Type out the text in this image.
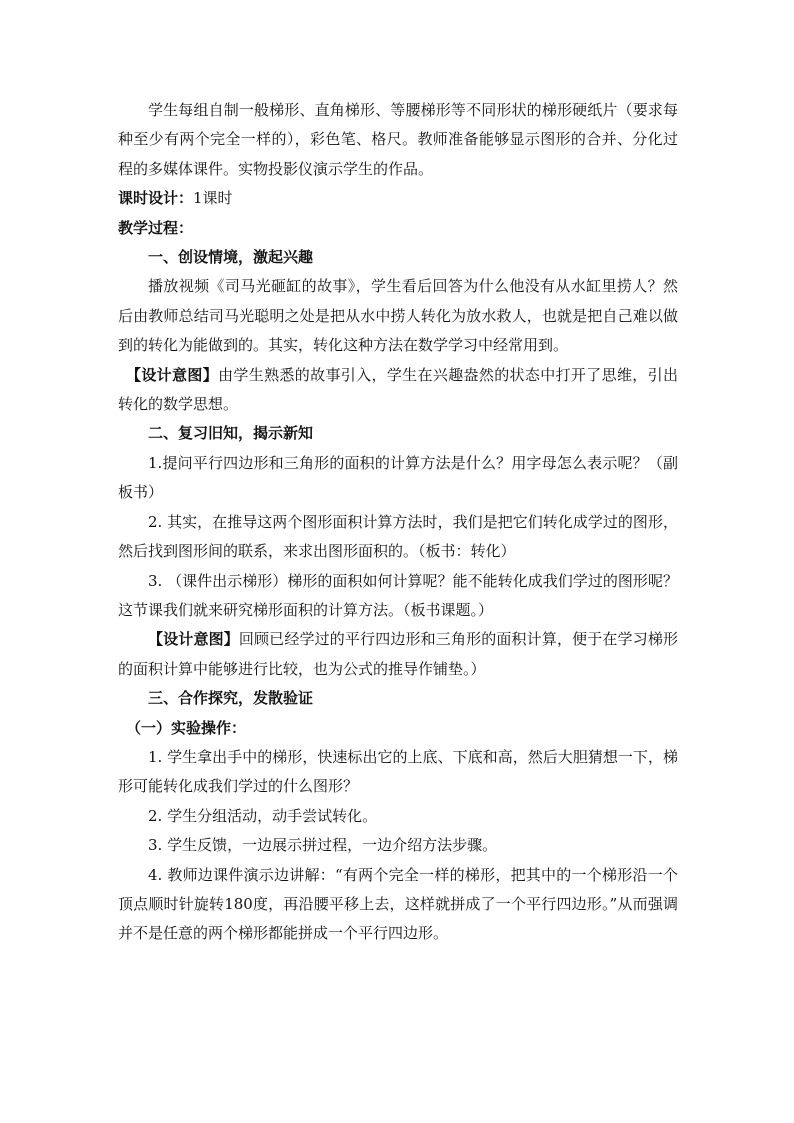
学生每组自制一般梯形、直角梯形、等腰梯形等不同形状的梯形硬纸片（要求每种至少有两个完全一样的），彩色笔、格尺。教师准备能够显示图形的合并、分化过程的多媒体课件。实物投影仪演示学生的作品。

课时设计：1课时

教学过程：

一、创设情境，激起兴趣

播放视频《司马光砸缸的故事》，学生看后回答为什么他没有从水缸里捞人？然后由教师总结司马光聪明之处是把从水中捞人转化为放水救人，也就是把自己难以做到的转化为能做到的。其实，转化这种方法在数学学习中经常用到。

【设计意图】由学生熟悉的故事引入，学生在兴趣盎然的状态中打开了思维，引出转化的数学思想。

二、复习旧知，揭示新知

1.提问平行四边形和三角形的面积的计算方法是什么？用字母怎么表示呢？（副板书）

2. 其实，在推导这两个图形面积计算方法时，我们是把它们转化成学过的图形，然后找到图形间的联系，来求出图形面积的。（板书：转化）

3. （课件出示梯形）梯形的面积如何计算呢？能不能转化成我们学过的图形呢？这节课我们就来研究梯形面积的计算方法。（板书课题。）

【设计意图】回顾已经学过的平行四边形和三角形的面积计算，便于在学习梯形的面积计算中能够进行比较，也为公式的推导作铺垫。）

三、合作探究，发散验证

（一）实验操作：

1. 学生拿出手中的梯形，快速标出它的上底、下底和高，然后大胆猜想一下，梯形可能转化成我们学过的什么图形？

2. 学生分组活动，动手尝试转化。

3. 学生反馈，一边展示拼过程，一边介绍方法步骤。

4. 教师边课件演示边讲解：“有两个完全一样的梯形，把其中的一个梯形沿一个顶点顺时针旋转180度，再沿腰平移上去，这样就拼成了一个平行四边形。”从而强调并不是任意的两个梯形都能拼成一个平行四边形。
